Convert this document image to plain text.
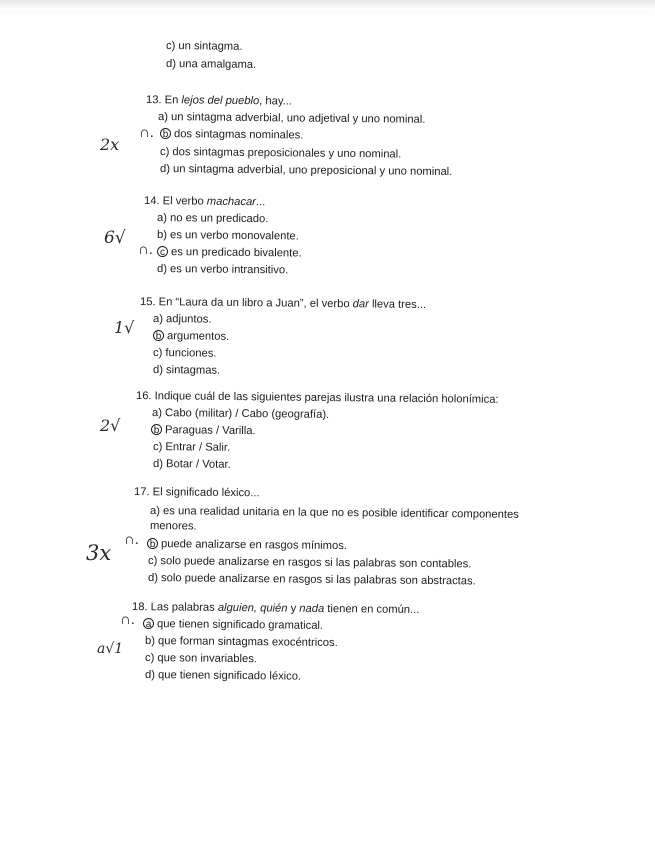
c) un sintagma.
d) una amalgama.
13. En lejos del pueblo, hay...
a) un sintagma adverbial, uno adjetival y uno nominal.
b dos sintagmas nominales.
c) dos sintagmas preposicionales y uno nominal.
d) un sintagma adverbial, uno preposicional y uno nominal.
2x
∩.
14. El verbo machacar...
a) no es un predicado.
b) es un verbo monovalente.
c es un predicado bivalente.
d) es un verbo intransitivo.
6√
∩.
15. En “Laura da un libro a Juan”, el verbo dar lleva tres...
a) adjuntos.
b argumentos.
c) funciones.
d) sintagmas.
1√
16. Indique cuál de las siguientes parejas ilustra una relación holonímica:
a) Cabo (militar) / Cabo (geografía).
b Paraguas / Varilla.
c) Entrar / Salir.
d) Botar / Votar.
2√
17. El significado léxico...
a) es una realidad unitaria en la que no es posible identificar componentes
menores.
b puede analizarse en rasgos mínimos.
c) solo puede analizarse en rasgos si las palabras son contables.
d) solo puede analizarse en rasgos si las palabras son abstractas.
3x
∩.
18. Las palabras alguien, quién y nada tienen en común...
a que tienen significado gramatical.
b) que forman sintagmas exocéntricos.
c) que son invariables.
d) que tienen significado léxico.
a√1
∩.
